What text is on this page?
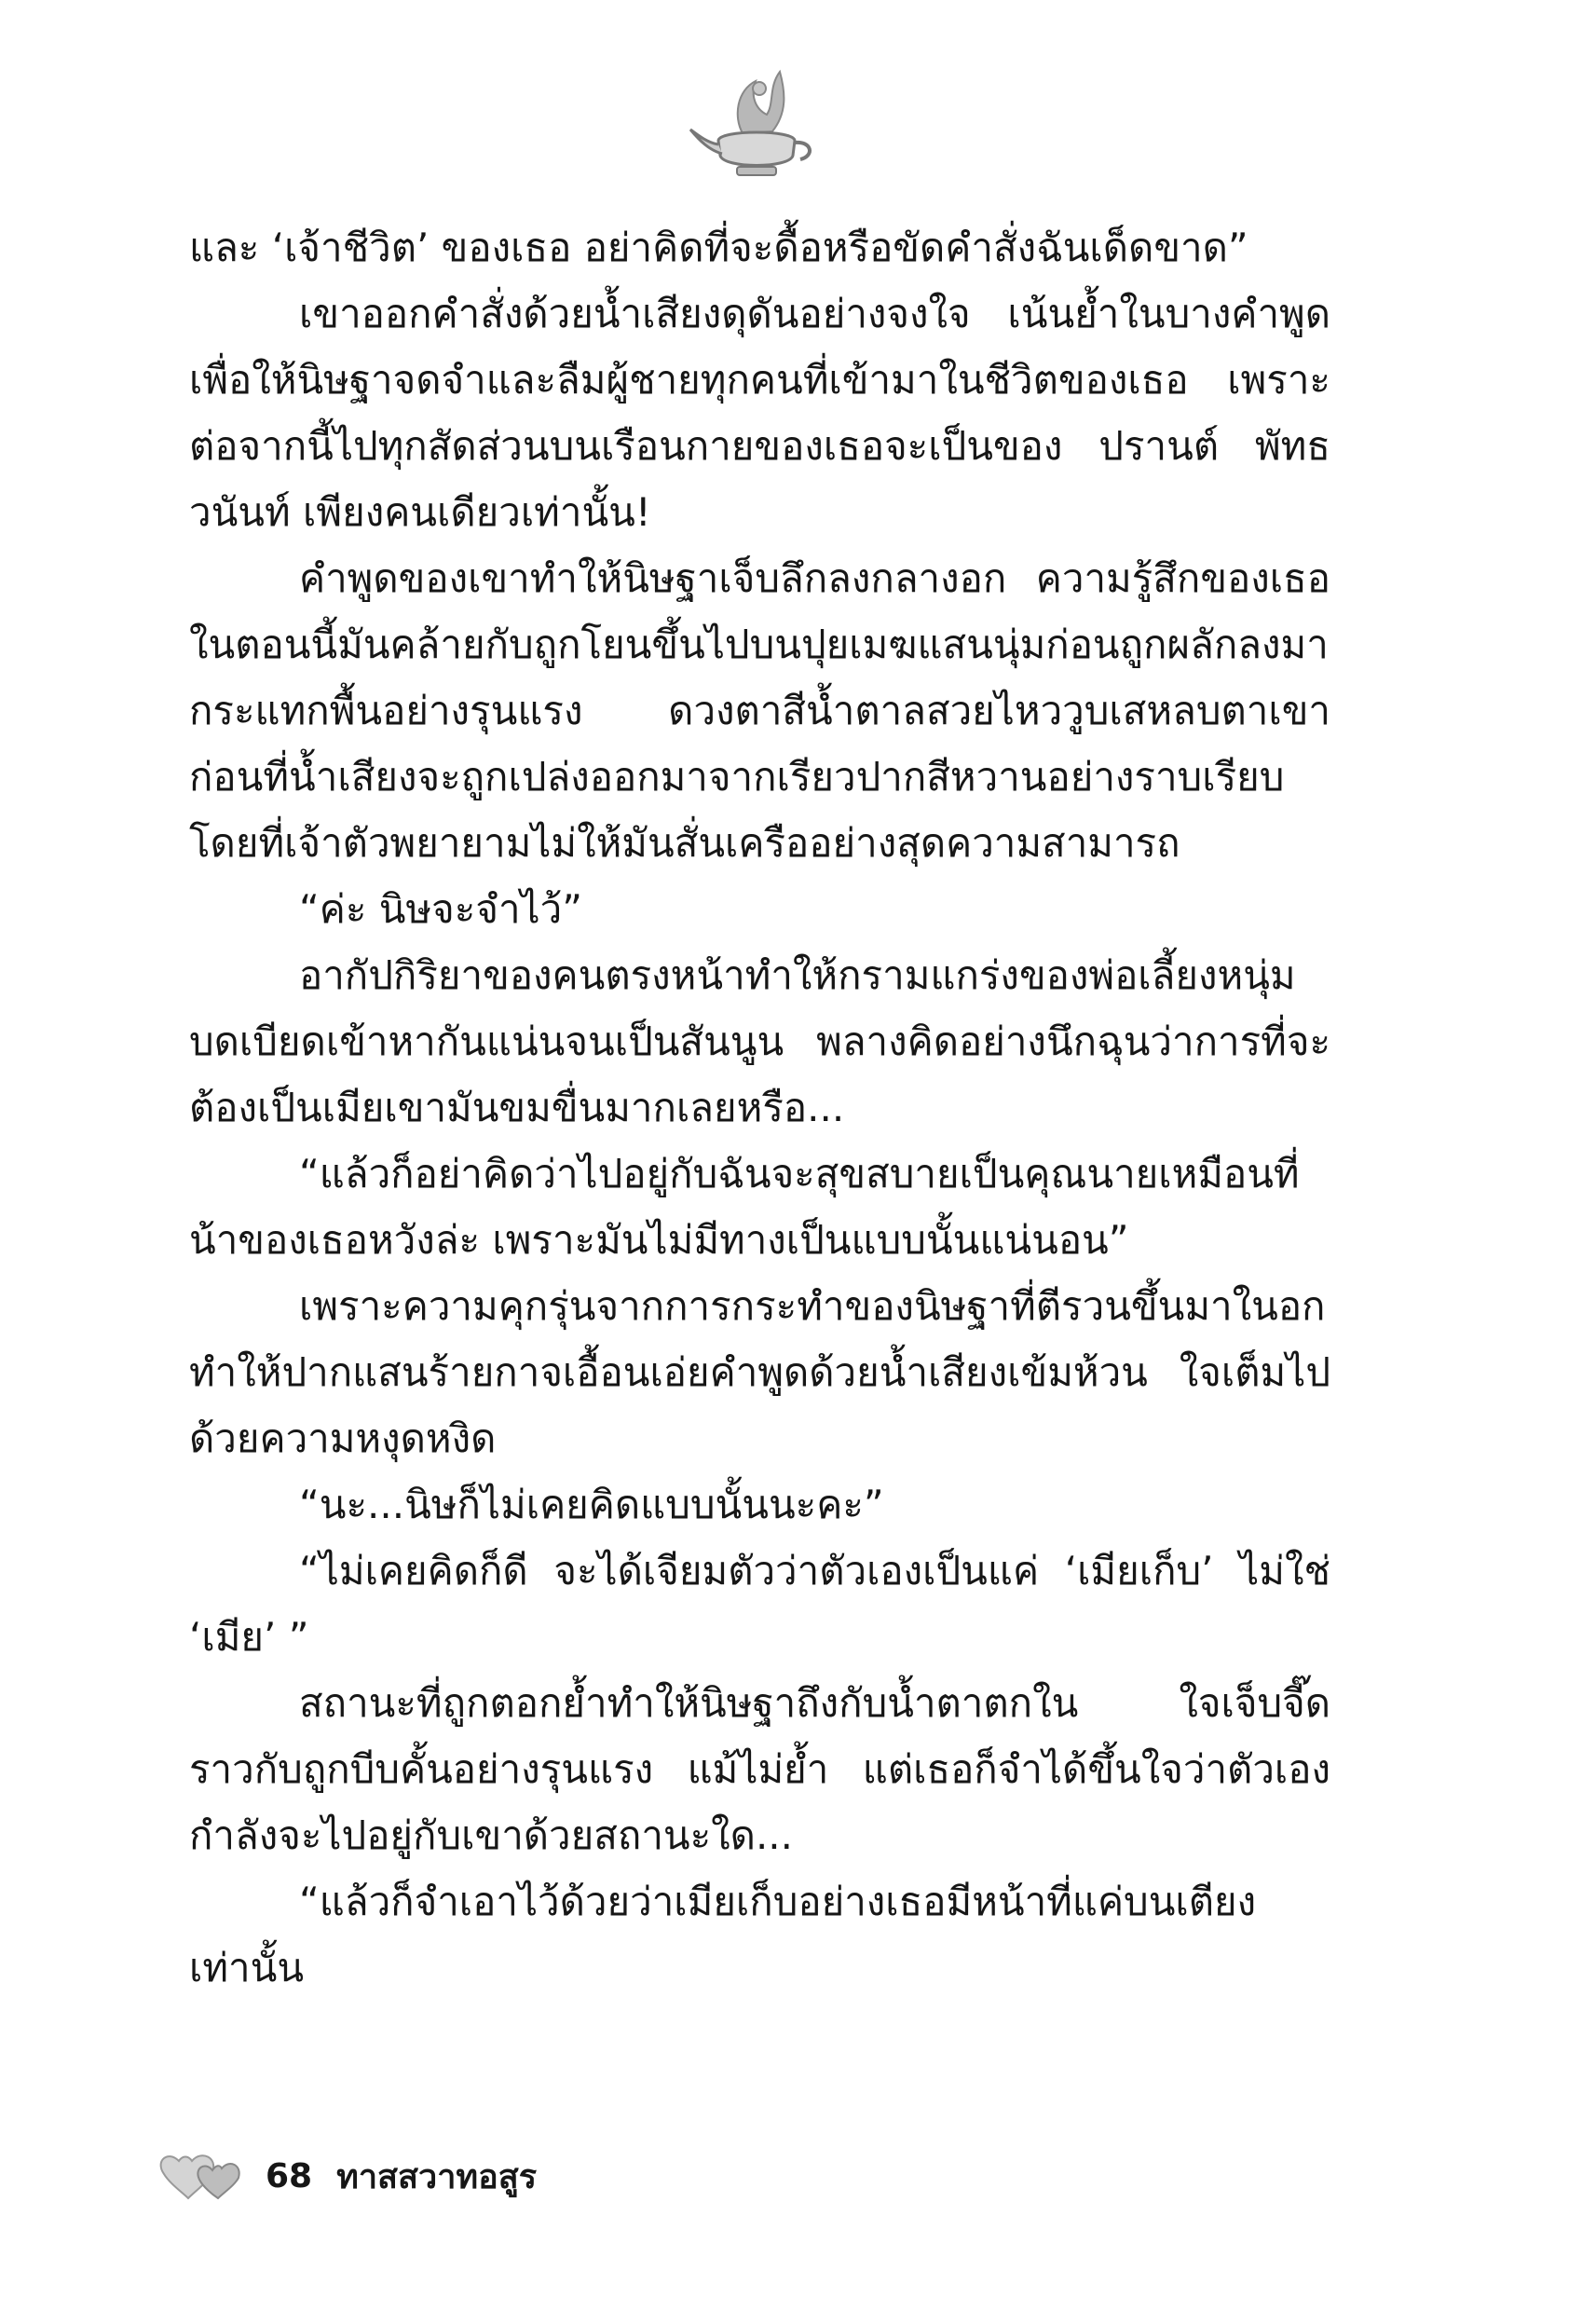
และ ‘เจ้าชีวิต’ ของเธอ อย่าคิดที่จะดื้อหรือขัดคำสั่งฉันเด็ดขาด”

เขาออกคำสั่งด้วยน้ำเสียงดุดันอย่างจงใจ เน้นย้ำในบางคำพูด เพื่อให้นิษฐาจดจำและลืมผู้ชายทุกคนที่เข้ามาในชีวิตของเธอ เพราะต่อจากนี้ไปทุกสัดส่วนบนเรือนกายของเธอจะเป็นของ ปรานต์ พัทธวนันท์ เพียงคนเดียวเท่านั้น!

คำพูดของเขาทำให้นิษฐาเจ็บลึกลงกลางอก ความรู้สึกของเธอในตอนนี้มันคล้ายกับถูกโยนขึ้นไปบนปุยเมฆแสนนุ่มก่อนถูกผลักลงมากระแทกพื้นอย่างรุนแรง ดวงตาสีน้ำตาลสวยไหววูบเสหลบตาเขาก่อนที่น้ำเสียงจะถูกเปล่งออกมาจากเรียวปากสีหวานอย่างราบเรียบ โดยที่เจ้าตัวพยายามไม่ให้มันสั่นเครืออย่างสุดความสามารถ

“ค่ะ นิษจะจำไว้”

อากัปกิริยาของคนตรงหน้าทำให้กรามแกร่งของพ่อเลี้ยงหนุ่มบดเบียดเข้าหากันแน่นจนเป็นสันนูน พลางคิดอย่างนึกฉุนว่าการที่จะต้องเป็นเมียเขามันขมขื่นมากเลยหรือ...

“แล้วก็อย่าคิดว่าไปอยู่กับฉันจะสุขสบายเป็นคุณนายเหมือนที่น้าของเธอหวังล่ะ เพราะมันไม่มีทางเป็นแบบนั้นแน่นอน”

เพราะความคุกรุ่นจากการกระทำของนิษฐาที่ตีรวนขึ้นมาในอกทำให้ปากแสนร้ายกาจเอื้อนเอ่ยคำพูดด้วยน้ำเสียงเข้มห้วน ใจเต็มไปด้วยความหงุดหงิด

“นะ...นิษก็ไม่เคยคิดแบบนั้นนะคะ”

“ไม่เคยคิดก็ดี จะได้เจียมตัวว่าตัวเองเป็นแค่ ‘เมียเก็บ’ ไม่ใช่ ‘เมีย’ ”

สถานะที่ถูกตอกย้ำทำให้นิษฐาถึงกับน้ำตาตกใน ใจเจ็บจี๊ดราวกับถูกบีบคั้นอย่างรุนแรง แม้ไม่ย้ำ แต่เธอก็จำได้ขึ้นใจว่าตัวเองกำลังจะไปอยู่กับเขาด้วยสถานะใด...

“แล้วก็จำเอาไว้ด้วยว่าเมียเก็บอย่างเธอมีหน้าที่แค่บนเตียงเท่านั้น

68 ทาสสวาทอสูร
